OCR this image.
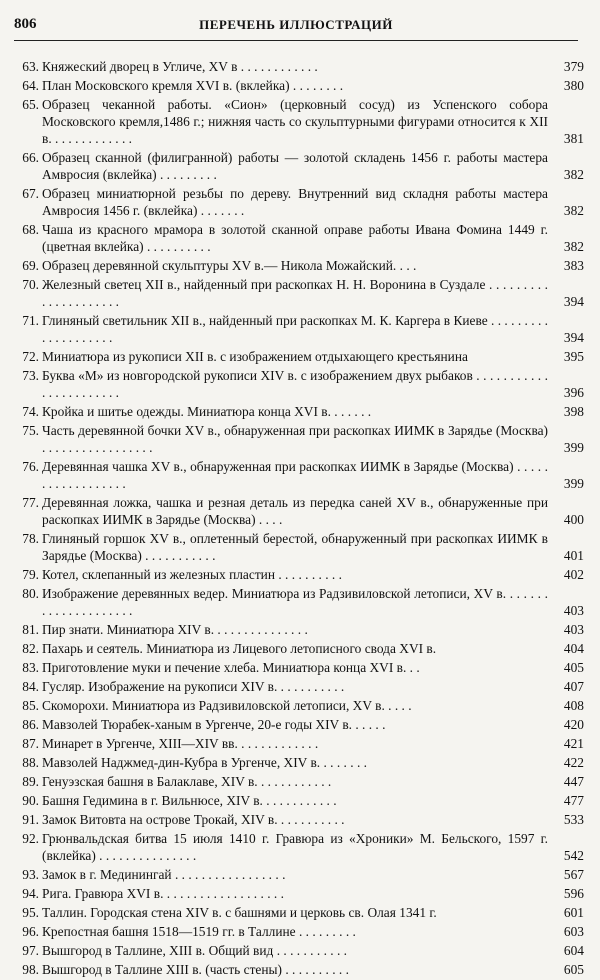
806	ПЕРЕЧЕНЬ ИЛЛЮСТРАЦИЙ
63. Княжеский дворец в Угличе, XV в . . . . . . . . . . . .	379
64. План Московского кремля XVI в. (вклейка) . . . . . . . .	380
65. Образец чеканной работы. «Сион» (церковный сосуд) из Успенского собора Московского кремля,1486 г.; нижняя часть со скульптурными фигурами относится к XII в. . . . . . . . . . . . .	381
66. Образец сканной (филигранной) работы — золотой складень 1456 г. работы мастера Амвросия (вклейка) . . . . . . . . .	382
67. Образец миниатюрной резьбы по дереву. Внутренний вид складня работы мастера Амвросия 1456 г. (вклейка) . . . . . . .	382
68. Чаша из красного мрамора в золотой сканной оправе работы Ивана Фомина 1449 г. (цветная вклейка) . . . . . . . . . .	382
69. Образец деревянной скульптуры XV в.— Никола Можайский. . . .	383
70. Железный светец XII в., найденный при раскопках Н. Н. Воронина в Суздале . . . . . . . . . . . . . . . . . . . . .	394
71. Глиняный светильник XII в., найденный при раскопках М. К. Каргера в Киеве . . . . . . . . . . . . . . . . . . . .	394
72. Миниатюра из рукописи XII в. с изображением отдыхающего крестьянина	395
73. Буква «М» из новгородской рукописи XIV в. с изображением двух рыбаков . . . . . . . . . . . . . . . . . . . . . . .	396
74. Кройка и шитье одежды. Миниатюра конца XVI в. . . . . . .	398
75. Часть деревянной бочки XV в., обнаруженная при раскопках ИИМК в Зарядье (Москва) . . . . . . . . . . . . . . . . .	399
76. Деревянная чашка XV в., обнаруженная при раскопках ИИМК в Зарядье (Москва) . . . . . . . . . . . . . . . . . .	399
77. Деревянная ложка, чашка и резная деталь из передка саней XV в., обнаруженные при раскопках ИИМК в Зарядье (Москва) . . . .	400
78. Глиняный горшок XV в., оплетенный берестой, обнаруженный при раскопках ИИМК в Зарядье (Москва) . . . . . . . . . . .	401
79. Котел, склепанный из железных пластин . . . . . . . . . .	402
80. Изображение деревянных ведер. Миниатюра из Радзивиловской летописи, XV в. . . . . . . . . . . . . . . . . . . . .	403
81. Пир знати. Миниатюра XIV в. . . . . . . . . . . . . . .	403
82. Пахарь и сеятель. Миниатюра из Лицевого летописного свода XVI в.	404
83. Приготовление муки и печение хлеба. Миниатюра конца XVI в. . .	405
84. Гусляр. Изображение на рукописи XIV в. . . . . . . . . . .	407
85. Скоморохи. Миниатюра из Радзивиловской летописи, XV в. . . . .	408
86. Мавзолей Тюрабек-ханым в Ургенче, 20-е годы XIV в. . . . . .	420
87. Минарет в Ургенче, XIII—XIV вв. . . . . . . . . . . . .	421
88. Мавзолей Наджмед-дин-Кубра в Ургенче, XIV в. . . . . . . .	422
89. Генуэзская башня в Балаклаве, XIV в. . . . . . . . . . . .	447
90. Башня Гедимина в г. Вильнюсе, XIV в. . . . . . . . . . . .	477
91. Замок Витовта на острове Трокай, XIV в. . . . . . . . . . .	533
92. Грюнвальдская битва 15 июля 1410 г. Гравюра из «Хроники» М. Бельского, 1597 г. (вклейка) . . . . . . . . . . . . . . .	542
93. Замок в г. Мединингай . . . . . . . . . . . . . . . . .	567
94. Рига. Гравюра XVI в. . . . . . . . . . . . . . . . . . .	596
95. Таллин. Городская стена XIV в. с башнями и церковь св. Олая 1341 г.	601
96. Крепостная башня 1518—1519 гг. в Таллине . . . . . . . . .	603
97. Вышгород в Таллине, XIII в. Общий вид . . . . . . . . . . .	604
98. Вышгород в Таллине XIII в. (часть стены) . . . . . . . . . .	605
